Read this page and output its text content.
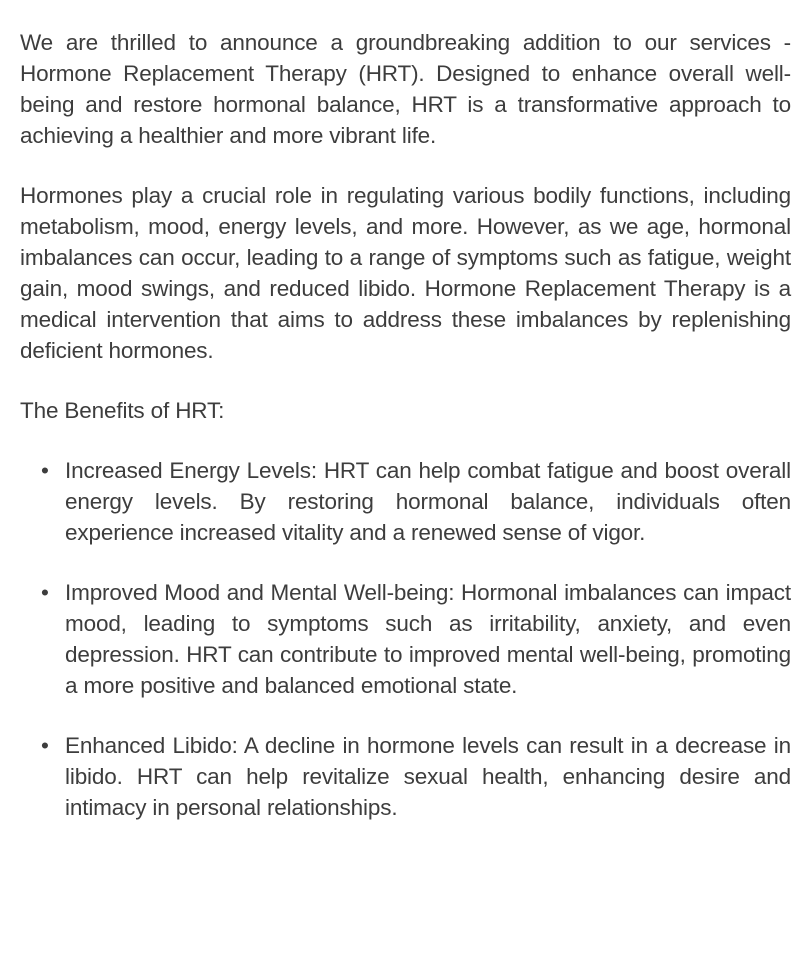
We are thrilled to announce a groundbreaking addition to our services - Hormone Replacement Therapy (HRT). Designed to enhance overall well-being and restore hormonal balance, HRT is a transformative approach to achieving a healthier and more vibrant life.

Hormones play a crucial role in regulating various bodily functions, including metabolism, mood, energy levels, and more. However, as we age, hormonal imbalances can occur, leading to a range of symptoms such as fatigue, weight gain, mood swings, and reduced libido. Hormone Replacement Therapy is a medical intervention that aims to address these imbalances by replenishing deficient hormones.

The Benefits of HRT:

• Increased Energy Levels: HRT can help combat fatigue and boost overall energy levels. By restoring hormonal balance, individuals often experience increased vitality and a renewed sense of vigor.
• Improved Mood and Mental Well-being: Hormonal imbalances can impact mood, leading to symptoms such as irritability, anxiety, and even depression. HRT can contribute to improved mental well-being, promoting a more positive and balanced emotional state.
• Enhanced Libido: A decline in hormone levels can result in a decrease in libido. HRT can help revitalize sexual health, enhancing desire and intimacy in personal relationships.
